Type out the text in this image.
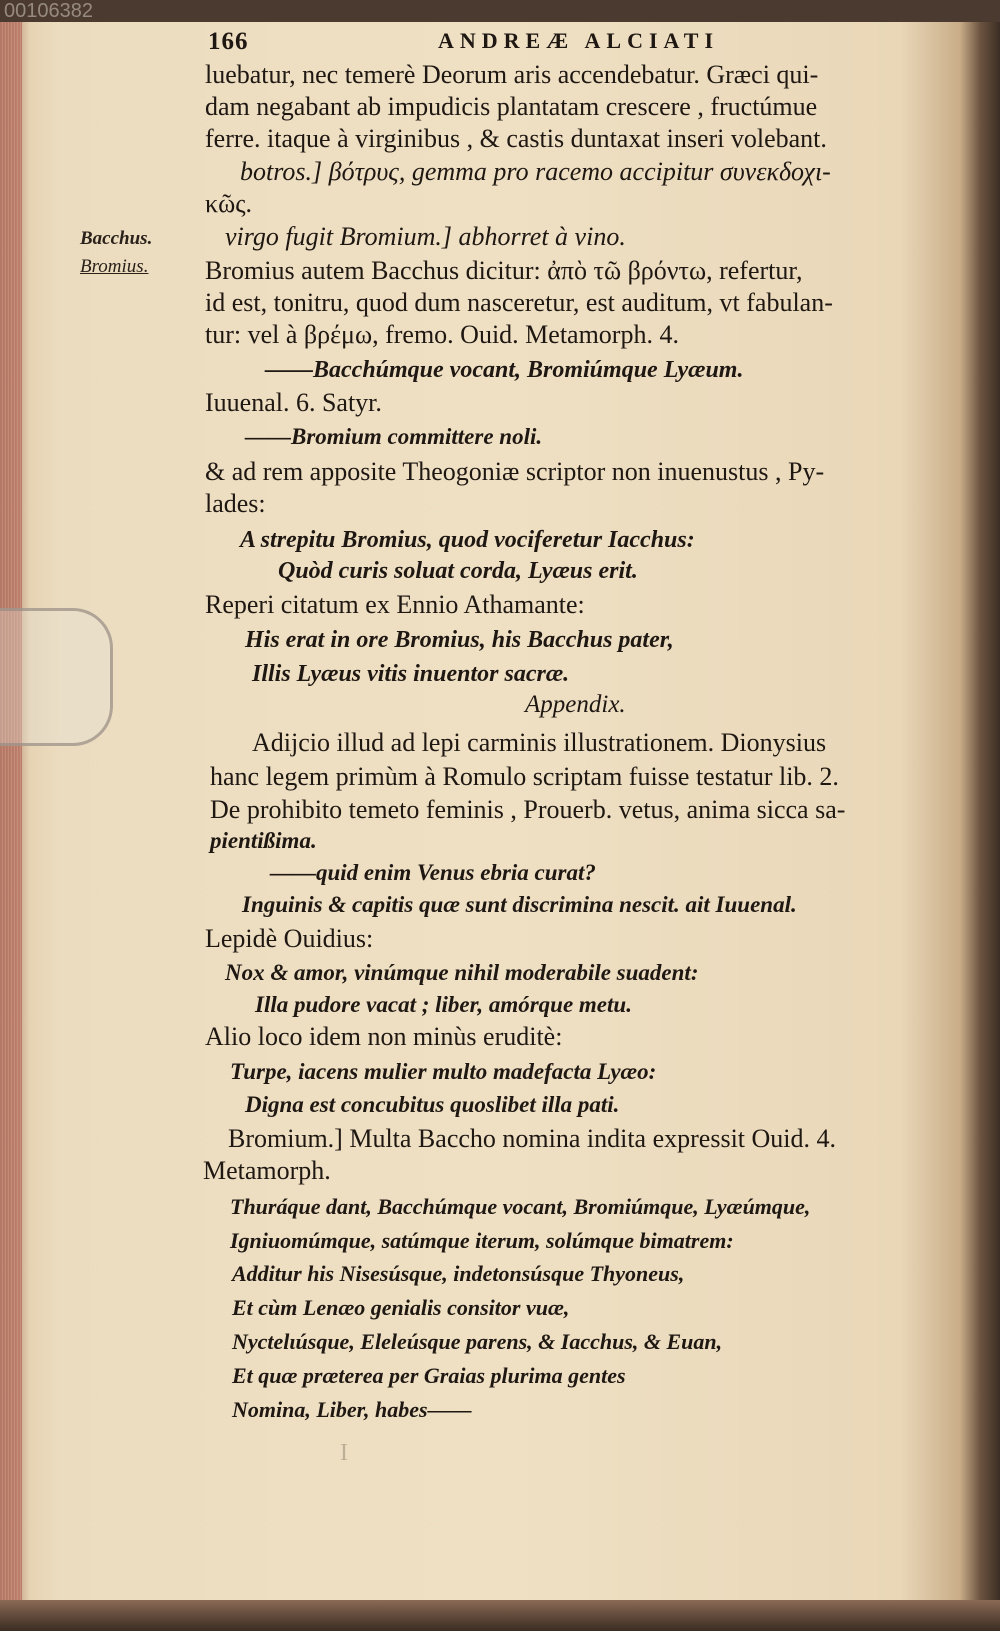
00106382
166	ANDREÆ ALCIATI
Bacchus.
Bromius.
luebatur, nec temerè Deorum aris accendebatur. Græci qui-
dam negabant ab impudicis plantatam crescere , fructúmue
ferre. itaque à virginibus , & castis duntaxat inseri volebant.
botros.] βότρυς, gemma pro racemo accipitur συνεκδοχι-
κῶς.
virgo fugit Bromium.] abhorret à vino.
Bromius autem Bacchus dicitur: ἀπὸ τῶ βρόντω, refertur,
id est, tonitru, quod dum nasceretur, est auditum, vt fabulan-
tur: vel à βρέμω, fremo. Ouid. Metamorph. 4.
——Bacchúmque vocant, Bromiúmque Lyæum.
Iuuenal. 6. Satyr.
——Bromium committere noli.
& ad rem apposite Theogoniæ scriptor non inuenustus , Py-
lades:
A strepitu Bromius, quod vociferetur Iacchus:
Quòd curis soluat corda, Lyæus erit.
Reperi citatum ex Ennio Athamante:
His erat in ore Bromius, his Bacchus pater,
Illis Lyæus vitis inuentor sacræ.
Appendix.
Adijcio illud ad lepi carminis illustrationem. Dionysius
hanc legem primùm à Romulo scriptam fuisse testatur lib. 2.
De prohibito temeto feminis , Prouerb. vetus, anima sicca sa-
pientißima.
——quid enim Venus ebria curat?
Inguinis & capitis quæ sunt discrimina nescit. ait Iuuenal.
Lepidè Ouidius:
Nox & amor, vinúmque nihil moderabile suadent:
Illa pudore vacat ; liber, amórque metu.
Alio loco idem non minùs eruditè:
Turpe, iacens mulier multo madefacta Lyæo:
Digna est concubitus quoslibet illa pati.
Bromium.] Multa Baccho nomina indita expressit Ouid. 4.
Metamorph.
Thuráque dant, Bacchúmque vocant, Bromiúmque, Lyæúmque,
Igniuomúmque, satúmque iterum, solúmque bimatrem:
Additur his Nisesúsque, indetonsúsque Thyoneus,
Et cùm Lenæo genialis consitor vuæ,
Nyctelιúsque, Eleleúsque parens, & Iacchus, & Euan,
Et quæ præterea per Graias plurima gentes
Nomina, Liber, habes——
I
